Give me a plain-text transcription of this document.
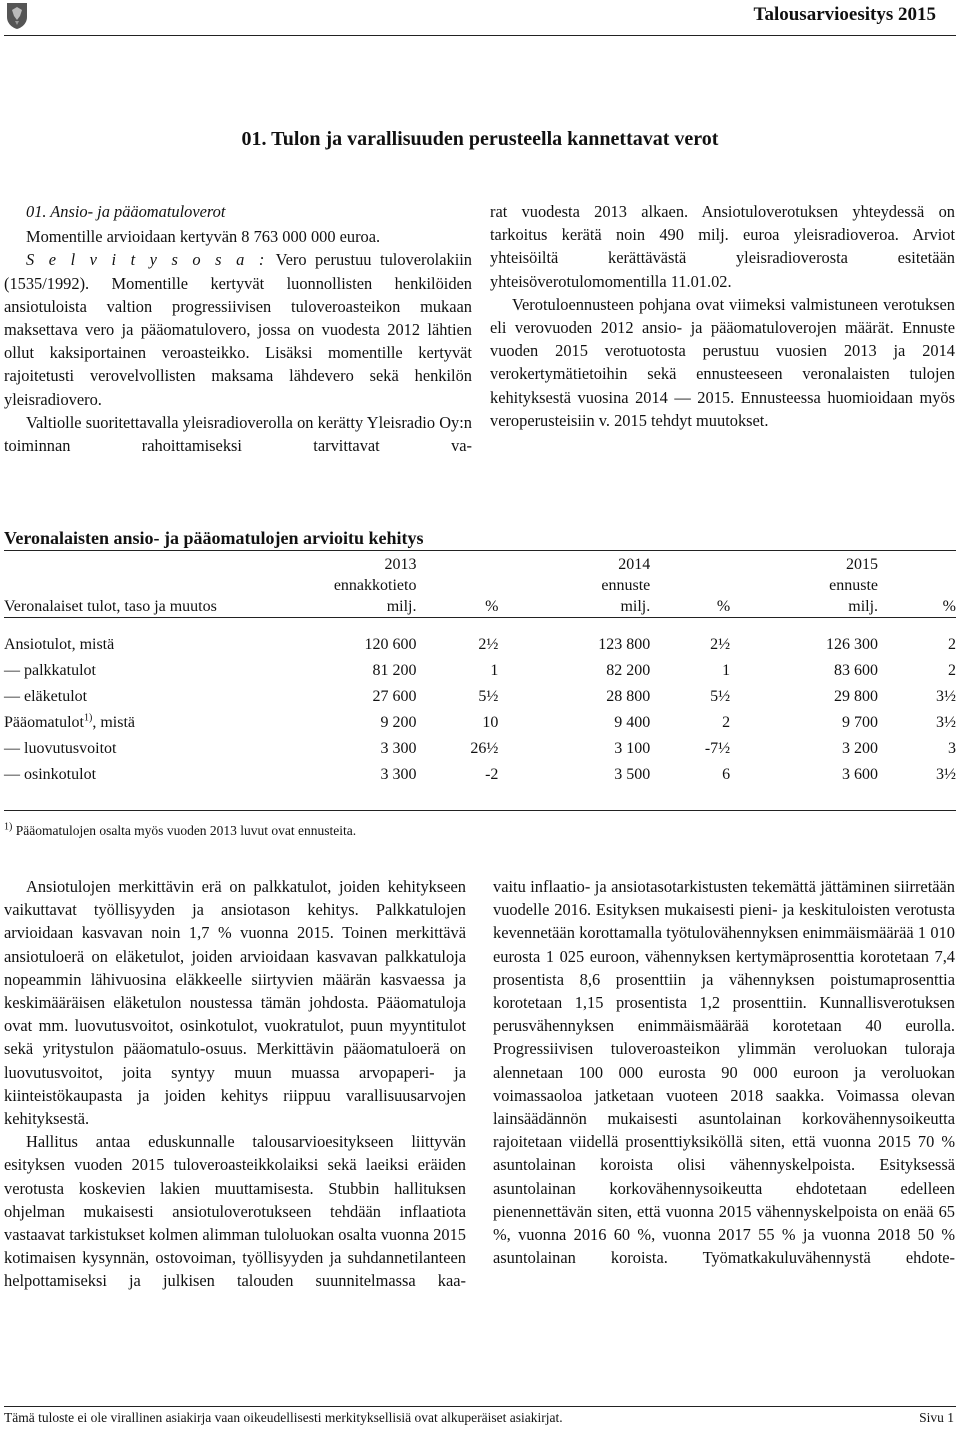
Talousarvioesitys 2015
01. Tulon ja varallisuuden perusteella kannettavat verot

01. Ansio- ja pääomatuloverot

Momentille arvioidaan kertyvän 8 763 000 000 euroa.

S e l v i t y s o s a : Vero perustuu tuloverolakiin (1535/1992). Momentille kertyvät luonnollisten henkilöiden ansiotuloista valtion progressiivisen tuloveroasteikon mukaan maksettava vero ja pääomatulovero, jossa on vuodesta 2012 lähtien ollut kaksiportainen veroasteikko. Lisäksi momentille kertyvät rajoitetusti verovelvollisten maksama lähdevero sekä henkilön yleisradiovero.

Valtiolle suoritettavalla yleisradioverolla on kerätty Yleisradio Oy:n toiminnan rahoittamiseksi tarvittavat va-

rat vuodesta 2013 alkaen. Ansiotuloverotuksen yhteydessä on tarkoitus kerätä noin 490 milj. euroa yleisradioveroa. Arviot yhteisöiltä kerättävästä yleisradioverosta esitetään yhteisöverotulomomentilla 11.01.02.

Verotuloennusteen pohjana ovat viimeksi valmistuneen verotuksen eli verovuoden 2012 ansio- ja pääomatuloverojen määrät. Ennuste vuoden 2015 verotuotosta perustuu vuosien 2013 ja 2014 verokertymätietoihin sekä ennusteeseen veronalaisten tulojen kehityksestä vuosina 2014 — 2015. Ennusteessa huomioidaan myös veroperusteisiin v. 2015 tehdyt muutokset.

Veronalaisten ansio- ja pääomatulojen arvioitu kehitys
	2013		2014		2015	
	ennakkotieto		ennuste		ennuste	
Veronalaiset tulot, taso ja muutos	milj.	%	milj.	%	milj.	%

Ansiotulot, mistä	120 600	2½	123 800	2½	126 300	2
— palkkatulot	81 200	1	82 200	1	83 600	2
— eläketulot	27 600	5½	28 800	5½	29 800	3½
Pääomatulot$^{1)}$, mistä	9 200	10	9 400	2	9 700	3½
— luovutusvoitot	3 300	26½	3 100	-7½	3 200	3
— osinkotulot	3 300	-2	3 500	6	3 600	3½
$^{1)}$ Pääomatulojen osalta myös vuoden 2013 luvut ovat ennusteita.

Ansiotulojen merkittävin erä on palkkatulot, joiden kehitykseen vaikuttavat työllisyyden ja ansiotason kehitys. Palkkatulojen arvioidaan kasvavan noin 1,7 % vuonna 2015. Toinen merkittävä ansiotuloerä on eläketulot, joiden arvioidaan kasvavan palkkatuloja nopeammin lähivuosina eläkkeelle siirtyvien määrän kasvaessa ja keskimääräisen eläketulon noustessa tämän johdosta. Pääomatuloja ovat mm. luovutusvoitot, osinkotulot, vuokratulot, puun myyntitulot sekä yritystulon pääomatulo-osuus. Merkittävin pääomatuloerä on luovutusvoitot, joita syntyy muun muassa arvopaperi- ja kiinteistökaupasta ja joiden kehitys riippuu varallisuusarvojen kehityksestä.

Hallitus antaa eduskunnalle talousarvioesitykseen liittyvän esityksen vuoden 2015 tuloveroasteikkolaiksi sekä laeiksi eräiden verotusta koskevien lakien muuttamisesta. Stubbin hallituksen ohjelman mukaisesti ansiotuloverotukseen tehdään inflaatiota vastaavat tarkistukset kolmen alimman tuloluokan osalta vuonna 2015 kotimaisen kysynnän, ostovoiman, työllisyyden ja suhdannetilanteen helpottamiseksi ja julkisen talouden suunnitelmassa kaa-

vaitu inflaatio- ja ansiotasotarkistusten tekemättä jättäminen siirretään vuodelle 2016. Esityksen mukaisesti pieni- ja keskituloisten verotusta kevennetään korottamalla työtulovähennyksen enimmäismäärää 1 010 eurosta 1 025 euroon, vähennyksen kertymäprosenttia korotetaan 7,4 prosentista 8,6 prosenttiin ja vähennyksen poistumaprosenttia korotetaan 1,15 prosentista 1,2 prosenttiin. Kunnallisverotuksen perusvähennyksen enimmäismäärää korotetaan 40 eurolla. Progressiivisen tuloveroasteikon ylimmän veroluokan tuloraja alennetaan 100 000 eurosta 90 000 euroon ja veroluokan voimassaoloa jatketaan vuoteen 2018 saakka. Voimassa olevan lainsäädännön mukaisesti asuntolainan korkovähennysoikeutta rajoitetaan viidellä prosenttiyksiköllä siten, että vuonna 2015 70 % asuntolainan koroista olisi vähennyskelpoista. Esityksessä asuntolainan korkovähennysoikeutta ehdotetaan edelleen pienennettävän siten, että vuonna 2015 vähennyskelpoista on enää 65 %, vuonna 2016 60 %, vuonna 2017 55 % ja vuonna 2018 50 % asuntolainan koroista. Työmatkakuluvähennystä ehdote-

Tämä tuloste ei ole virallinen asiakirja vaan oikeudellisesti merkityksellisiä ovat alkuperäiset asiakirjat.	Sivu 1
